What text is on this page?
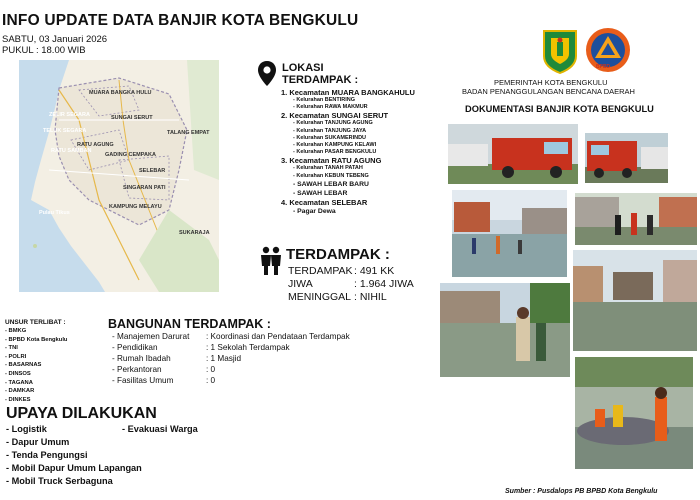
INFO UPDATE DATA BANJIR KOTA BENGKULU
SABTU, 03 Januari 2026
PUKUL : 18.00 WIB
MUARA BANGKA HULU
ZELIR SEGARA	SUNGAI SERUT
TELUK SEGARA
RATU AGUNG
RATU SAMBAN
TALANG EMPAT
GADING CEMPAKA
SELEBAR
SINGARAN PATI
KAMPUNG MELAYU
Pulau Tikus
SUKARAJA
LOKASI
TERDAMPAK :
1. Kecamatan MUARA BANGKAHULU
- Kelurahan BENTIRING
- Kelurahan RAWA MAKMUR
2. Kecamatan SUNGAI SERUT
- Kelurahan TANJUNG AGUNG
- Kelurahan TANJUNG JAYA
- Kelurahan SUKAMERINDU
- Kelurahan KAMPUNG KELAWI
- Kelurahan PASAR BENGKULU
3. Kecamatan RATU AGUNG
- Kelurahan TANAH PATAH
- Kelurahan KEBUN TEBENG
- SAWAH LEBAR BARU
- SAWAH LEBAR
4. Kecamatan SELEBAR
- Pagar Dewa
TERDAMPAK :
TERDAMPAK : 491 KK
JIWA	: 1.964 JIWA
MENINGGAL : NIHIL
UNSUR TERLIBAT :
- BMKG
- BPBD Kota Bengkulu
- TNI
- POLRI
- BASARNAS
- DINSOS
- TAGANA
- DAMKAR
- DINKES
BANGUNAN TERDAMPAK :
- Manajemen Darurat : Koordinasi dan Pendataan Terdampak
- Pendidikan	: 1 Sekolah Terdampak
- Rumah Ibadah	: 1 Masjid
- Perkantoran	: 0
- Fasilitas Umum	: 0
UPAYA DILAKUKAN
- Logistik
- Dapur Umum
- Tenda Pengungsi
- Mobil Dapur Umum Lapangan
- Mobil Truck Serbaguna
- Evakuasi Warga
BPBD
PEMERINTAH KOTA BENGKULU
BADAN PENANGGULANGAN BENCANA DAERAH
DOKUMENTASI BANJIR KOTA BENGKULU
Sumber : Pusdalops PB BPBD Kota Bengkulu
